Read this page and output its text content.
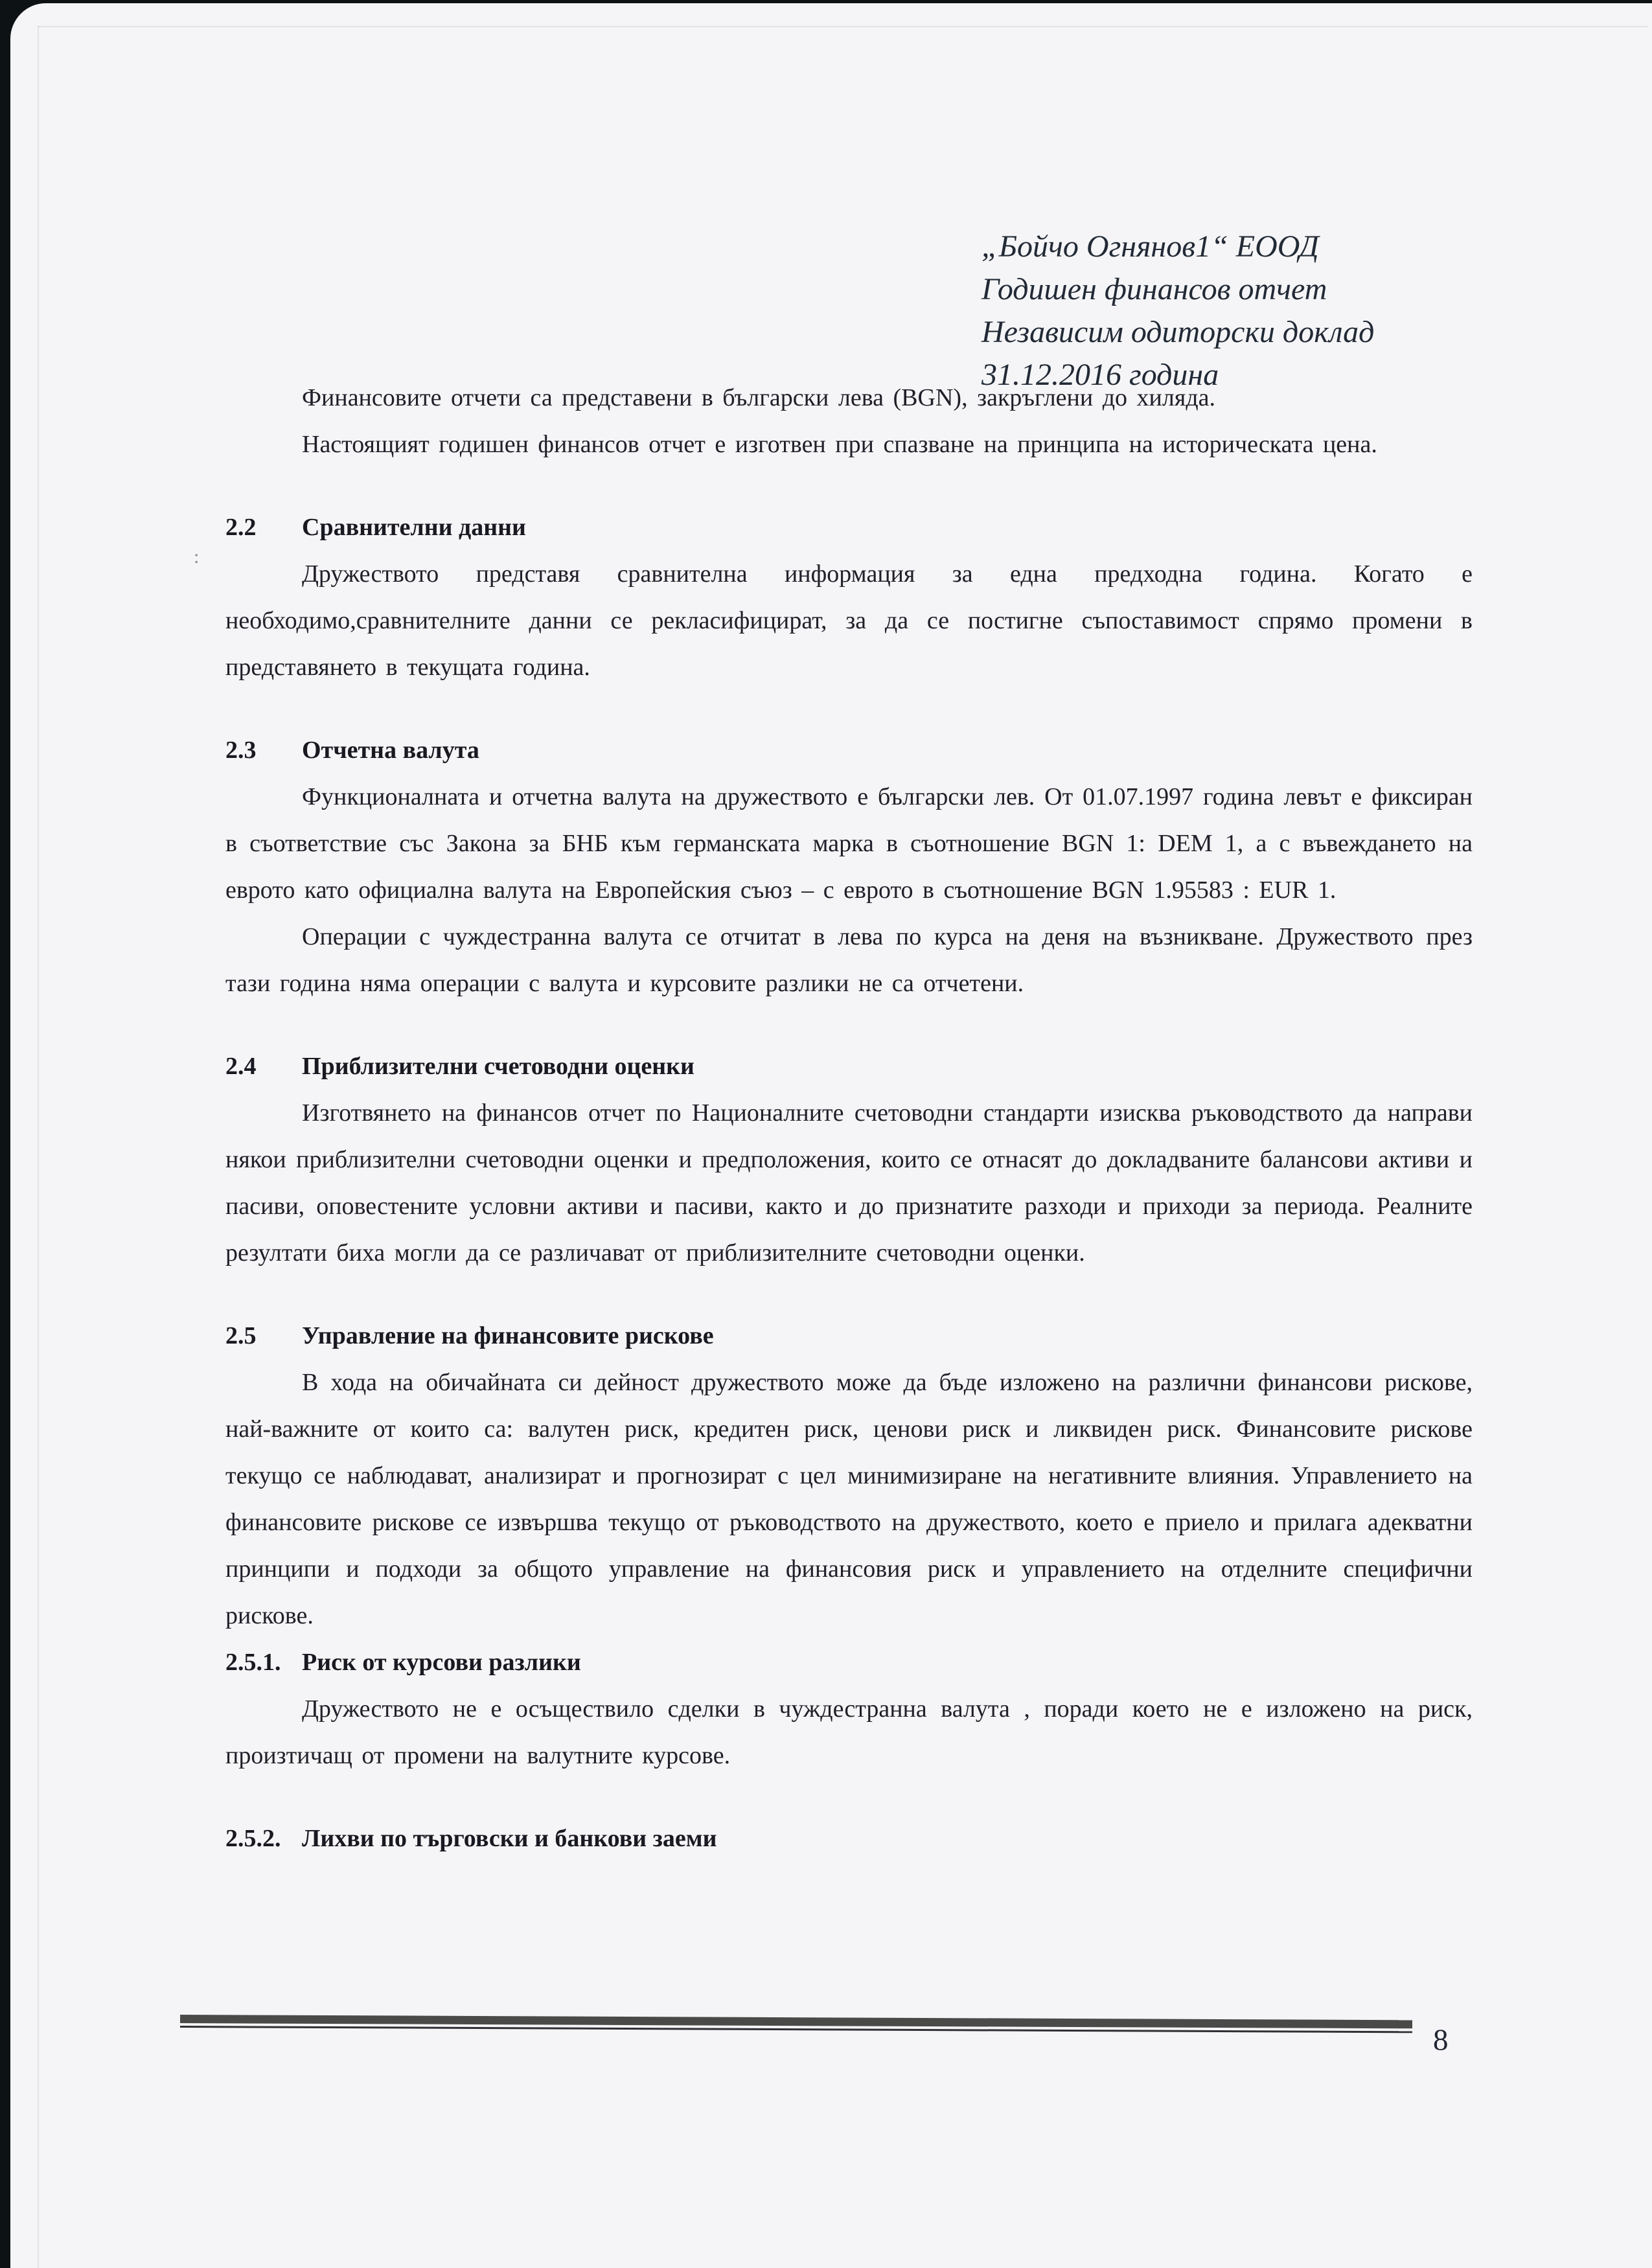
„Бойчо Огнянов1“ ЕООД
Годишен финансов отчет
Независим одиторски доклад
31.12.2016 година
:

Финансовите отчети са представени в български лева (BGN), закръглени до хиляда.

Настоящият годишен финансов отчет е изготвен при спазване на принципа на историческата цена.

2.2	Сравнителни данни

Дружеството представя сравнителна информация за една предходна година. Когато е необходимо,сравнителните данни се рекласифицират, за да се постигне съпоставимост спрямо промени в представянето в текущата година.

2.3	Отчетна валута

Функционалната и отчетна валута на дружеството е български лев. От 01.07.1997 година левът е фиксиран в съответствие със Закона за БНБ към германската марка в съотношение BGN 1: DEM 1, а с въвеждането на еврото като официална валута на Европейския съюз – с еврото в съотношение BGN 1.95583 : EUR 1.

Операции с чуждестранна валута се отчитат в лева по курса на деня на възникване. Дружеството през тази година няма операции с валута и курсовите разлики не са отчетени.

2.4	Приблизителни счетоводни оценки

Изготвянето на финансов отчет по Националните счетоводни стандарти изисква ръководството да направи някои приблизителни счетоводни оценки и предположения, които се отнасят до докладваните балансови активи и пасиви, оповестените условни активи и пасиви, както и до признатите разходи и приходи за периода. Реалните резултати биха могли да се различават от приблизителните счетоводни оценки.

2.5	Управление на финансовите рискове

В хода на обичайната си дейност дружеството може да бъде изложено на различни финансови рискове, най-важните от които са: валутен риск, кредитен риск, ценови риск и ликвиден риск. Финансовите рискове текущо се наблюдават, анализират и прогнозират с цел минимизиране на негативните влияния. Управлението на финансовите рискове се извършва текущо от ръководството на дружеството, което е приело и прилага адекватни принципи и подходи за общото управление на финансовия риск и управлението на отделните специфични рискове.

2.5.1. Риск от курсови разлики

Дружеството не е осъществило сделки в чуждестранна валута , поради което не е изложено на риск, произтичащ от промени на валутните курсове.

2.5.2. Лихви по търговски и банкови заеми
8
